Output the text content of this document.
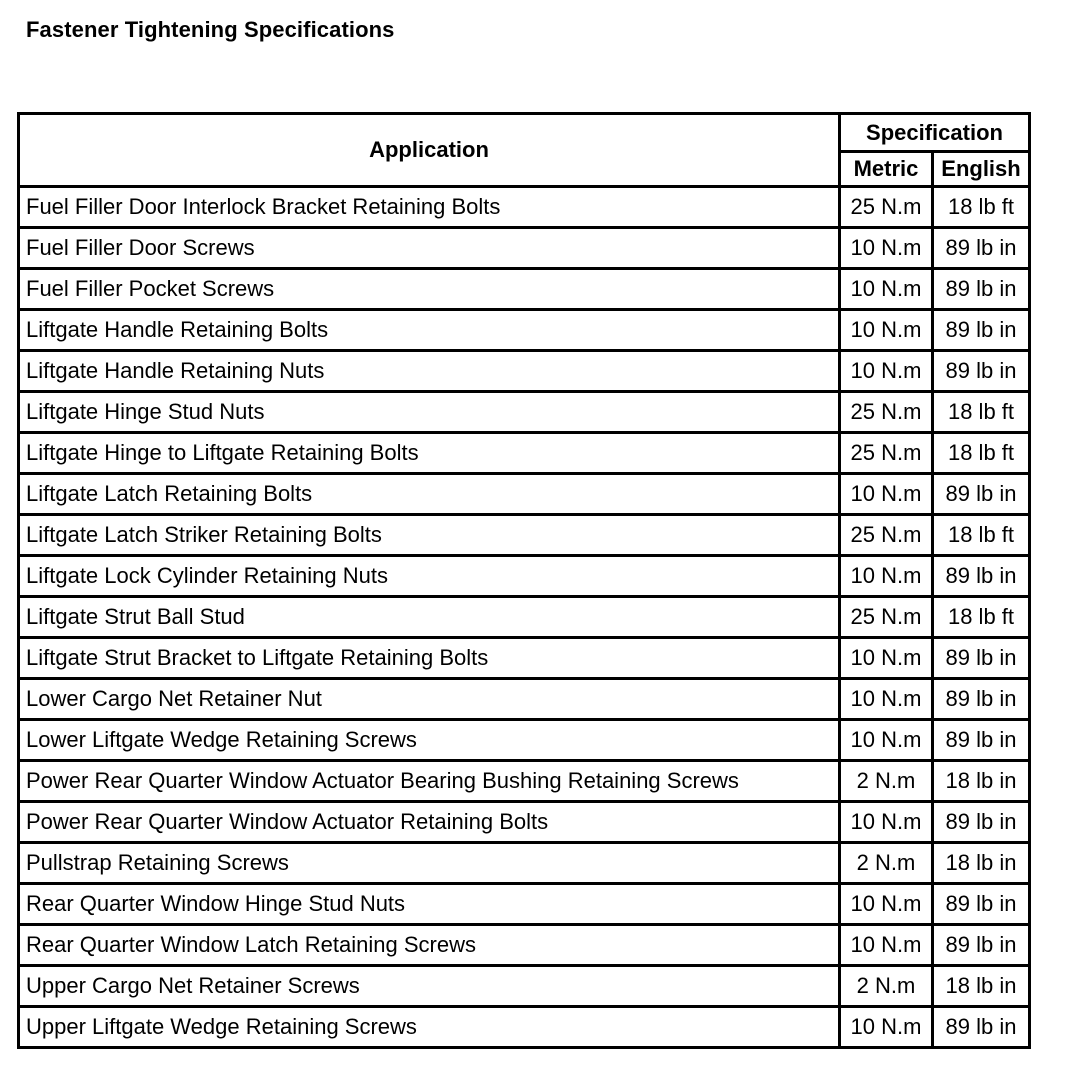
Fastener Tightening Specifications
Application	Specification	
	Metric	English
Fuel Filler Door Interlock Bracket Retaining Bolts	25 N.m	18 lb ft
Fuel Filler Door Screws	10 N.m	89 lb in
Fuel Filler Pocket Screws	10 N.m	89 lb in
Liftgate Handle Retaining Bolts	10 N.m	89 lb in
Liftgate Handle Retaining Nuts	10 N.m	89 lb in
Liftgate Hinge Stud Nuts	25 N.m	18 lb ft
Liftgate Hinge to Liftgate Retaining Bolts	25 N.m	18 lb ft
Liftgate Latch Retaining Bolts	10 N.m	89 lb in
Liftgate Latch Striker Retaining Bolts	25 N.m	18 lb ft
Liftgate Lock Cylinder Retaining Nuts	10 N.m	89 lb in
Liftgate Strut Ball Stud	25 N.m	18 lb ft
Liftgate Strut Bracket to Liftgate Retaining Bolts	10 N.m	89 lb in
Lower Cargo Net Retainer Nut	10 N.m	89 lb in
Lower Liftgate Wedge Retaining Screws	10 N.m	89 lb in
Power Rear Quarter Window Actuator Bearing Bushing Retaining Screws	2 N.m	18 lb in
Power Rear Quarter Window Actuator Retaining Bolts	10 N.m	89 lb in
Pullstrap Retaining Screws	2 N.m	18 lb in
Rear Quarter Window Hinge Stud Nuts	10 N.m	89 lb in
Rear Quarter Window Latch Retaining Screws	10 N.m	89 lb in
Upper Cargo Net Retainer Screws	2 N.m	18 lb in
Upper Liftgate Wedge Retaining Screws	10 N.m	89 lb in
